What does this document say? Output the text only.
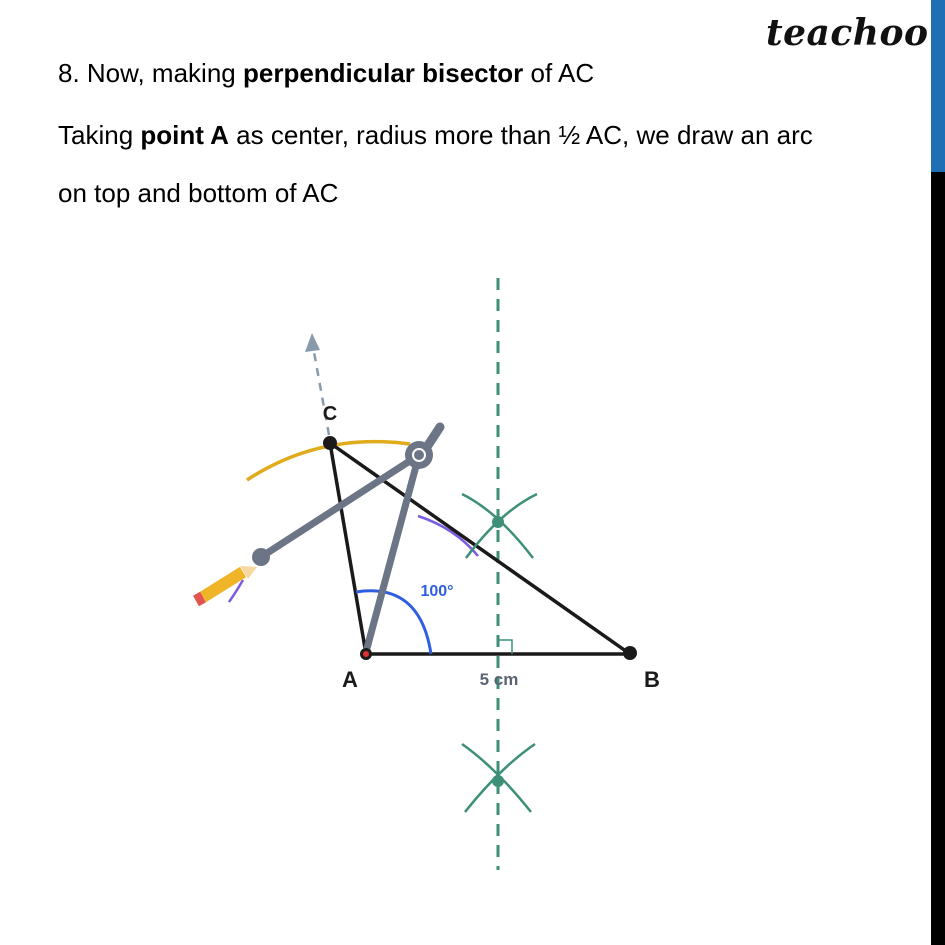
teachoo
8. Now, making perpendicular bisector of AC
Taking point A as center, radius more than ½ AC, we draw an arc
on top and bottom of AC
A	B
C
100°
5 cm
